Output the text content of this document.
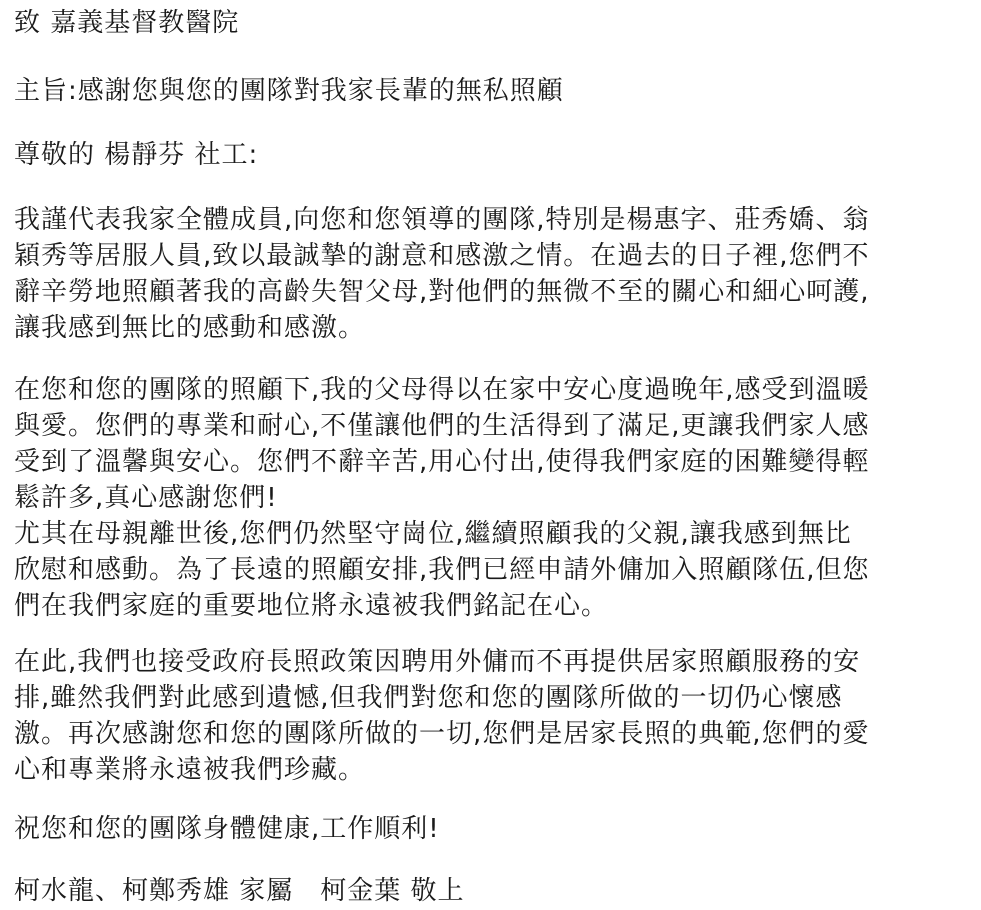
致 嘉義基督教醫院
主旨:感謝您與您的團隊對我家長輩的無私照顧
尊敬的 楊靜芬 社工:
我謹代表我家全體成員,向您和您領導的團隊,特別是楊惠字、莊秀嬌、翁
穎秀等居服人員,致以最誠摯的謝意和感激之情。在過去的日子裡,您們不
辭辛勞地照顧著我的高齡失智父母,對他們的無微不至的關心和細心呵護,
讓我感到無比的感動和感激。
在您和您的團隊的照顧下,我的父母得以在家中安心度過晚年,感受到溫暖
與愛。您們的專業和耐心,不僅讓他們的生活得到了滿足,更讓我們家人感
受到了溫馨與安心。您們不辭辛苦,用心付出,使得我們家庭的困難變得輕
鬆許多,真心感謝您們!
尤其在母親離世後,您們仍然堅守崗位,繼續照顧我的父親,讓我感到無比
欣慰和感動。為了長遠的照顧安排,我們已經申請外傭加入照顧隊伍,但您
們在我們家庭的重要地位將永遠被我們銘記在心。
在此,我們也接受政府長照政策因聘用外傭而不再提供居家照顧服務的安
排,雖然我們對此感到遺憾,但我們對您和您的團隊所做的一切仍心懷感
激。再次感謝您和您的團隊所做的一切,您們是居家長照的典範,您們的愛
心和專業將永遠被我們珍藏。
祝您和您的團隊身體健康,工作順利!
柯水龍、柯鄭秀雄 家屬　柯金葉 敬上
